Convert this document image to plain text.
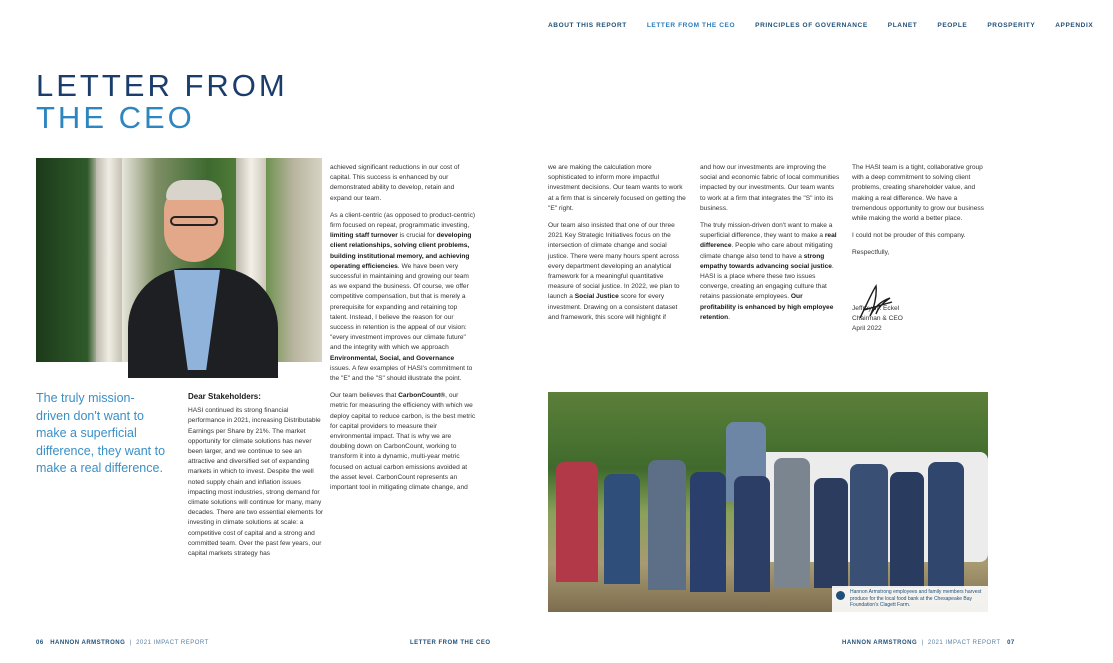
ABOUT THIS REPORT	LETTER FROM THE CEO	PRINCIPLES OF GOVERNANCE	PLANET	PEOPLE	PROSPERITY	APPENDIX
LETTER FROM
THE CEO
The truly mission-driven don't want to make a superficial difference, they want to make a real difference.
Dear Stakeholders:

HASI continued its strong financial performance in 2021, increasing Distributable Earnings per Share by 21%. The market opportunity for climate solutions has never been larger, and we continue to see an attractive and diversified set of expanding markets in which to invest. Despite the well noted supply chain and inflation issues impacting most industries, strong demand for climate solutions will continue for many, many decades. There are two essential elements for investing in climate solutions at scale: a competitive cost of capital and a strong and committed team. Over the past few years, our capital markets strategy has

achieved significant reductions in our cost of capital. This success is enhanced by our demonstrated ability to develop, retain and expand our team.

As a client-centric (as opposed to product-centric) firm focused on repeat, programmatic investing, limiting staff turnover is crucial for developing client relationships, solving client problems, building institutional memory, and achieving operating efficiencies. We have been very successful in maintaining and growing our team as we expand the business. Of course, we offer competitive compensation, but that is merely a prerequisite for expanding and retaining top talent. Instead, I believe the reason for our success in retention is the appeal of our vision: "every investment improves our climate future" and the integrity with which we approach Environmental, Social, and Governance issues. A few examples of HASI's commitment to the "E" and the "S" should illustrate the point.

Our team believes that CarbonCount®, our metric for measuring the efficiency with which we deploy capital to reduce carbon, is the best metric for capital providers to measure their environmental impact. That is why we are doubling down on CarbonCount, working to transform it into a dynamic, multi-year metric focused on actual carbon emissions avoided at the asset level. CarbonCount represents an important tool in mitigating climate change, and

we are making the calculation more sophisticated to inform more impactful investment decisions. Our team wants to work at a firm that is sincerely focused on getting the "E" right.

Our team also insisted that one of our three 2021 Key Strategic Initiatives focus on the intersection of climate change and social justice. There were many hours spent across every department developing an analytical framework for a meaningful quantitative measure of social justice. In 2022, we plan to launch a Social Justice score for every investment. Drawing on a consistent dataset and framework, this score will highlight if

and how our investments are improving the social and economic fabric of local communities impacted by our investments. Our team wants to work at a firm that integrates the "S" into its business.

The truly mission-driven don't want to make a superficial difference, they want to make a real difference. People who care about mitigating climate change also tend to have a strong empathy towards advancing social justice. HASI is a place where these two issues converge, creating an engaging culture that retains passionate employees. Our profitability is enhanced by high employee retention.

The HASI team is a tight, collaborative group with a deep commitment to solving client problems, creating shareholder value, and making a real difference. We have a tremendous opportunity to grow our business while making the world a better place.

I could not be prouder of this company.

Respectfully,

Jeffrey W. Eckel
Chairman & CEO
April 2022
Hannon Armstrong employees and family members harvest produce for the local food bank at the Chesapeake Bay Foundation's Clagett Farm.
06 HANNON ARMSTRONG  |  2021 IMPACT REPORT	LETTER FROM THE CEO	HANNON ARMSTRONG  |  2021 IMPACT REPORT 07
